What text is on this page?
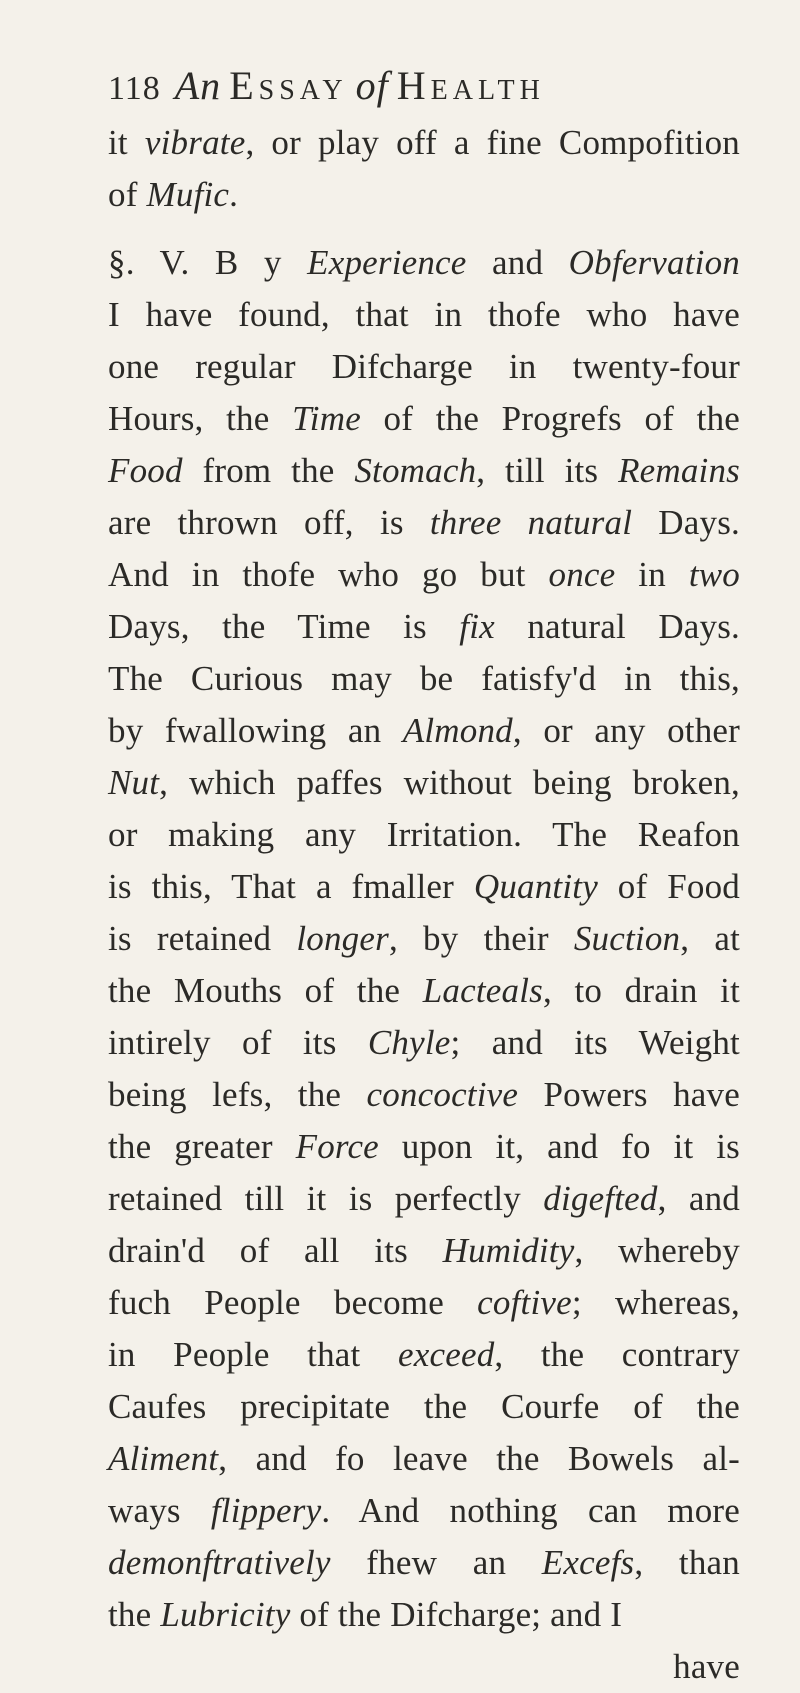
118 An Essay of Health
it vibrate, or play off a fine Compofition
of Mufic.
§. V. B y Experience and Obfervation
I have found, that in thofe who have
one regular Difcharge in twenty-four
Hours, the Time of the Progrefs of the
Food from the Stomach, till its Remains
are thrown off, is three natural Days.
And in thofe who go but once in two
Days, the Time is fix natural Days.
The Curious may be fatisfy'd in this,
by fwallowing an Almond, or any other
Nut, which paffes without being broken,
or making any Irritation. The Reafon
is this, That a fmaller Quantity of Food
is retained longer, by their Suction, at
the Mouths of the Lacteals, to drain it
intirely of its Chyle; and its Weight
being lefs, the concoctive Powers have
the greater Force upon it, and fo it is
retained till it is perfectly digefted, and
drain'd of all its Humidity, whereby
fuch People become coftive; whereas,
in People that exceed, the contrary
Caufes precipitate the Courfe of the
Aliment, and fo leave the Bowels al-
ways flippery. And nothing can more
demonftratively fhew an Excefs, than
the Lubricity of the Difcharge; and I
have
